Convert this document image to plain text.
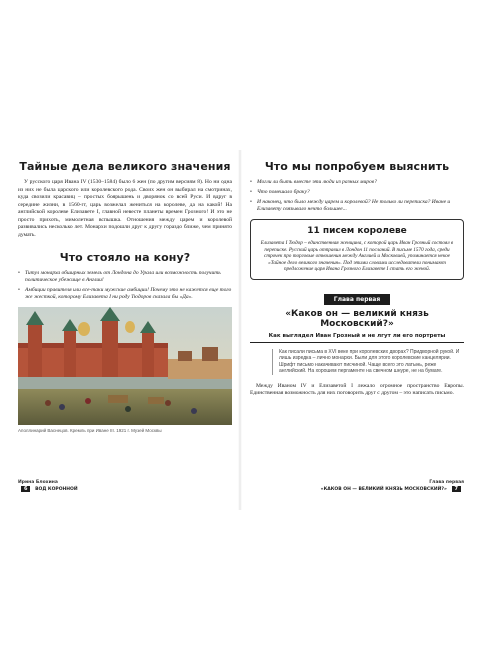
Тайные дела великого значения

У русского царя Ивана IV (1530–1584) было 6 жен (по другим версиям 8). Но ни одна из них не была царского или королевского рода. Своих жен он выбирал на смотринах, куда свозили красавиц – простых боярышень и дворянок со всей Руси. И вдруг в середине жизни, в 1560-гг, царь возжелал жениться на королеве, да на какой! На английской королеве Елизавете I, главной невесте планеты времен Грозного! И это не просто прихоть, мимолетная вспышка. Отношения между царем и королевой развивались несколько лет. Монархи подошли друг к другу гораздо ближе, чем принято думать.

Что стояло на кону?
• Титул монарха обширных земель от Лондона до Урала или возможность получить политическое убежище в Англии!
• Амбиции правителя или все-таки мужские амбиции! Почему это не кажется еще того же жесткой, которому Елизавета I ни роду Тюдоров сказала бы «Да».
Аполлинарий Васнецов. Кремль при Иване III. 1921 г. Музей Москвы
Что мы попробуем выяснить
• Могли ли быть вместе эти люди из разных миров?
• Что помешало браку?
• И наконец, что было между царем и королевой? Не только ли переписка? Иване и Елизавету связывало нечто большее...
11 писем королеве

Елизавета I Тюдор – единственная женщина, с которой царь Иван Грозный состоял в переписке. Русский царь отправил в Лондон 11 посланий. В письме 1570 года, среди строчек про торговые отношения между Англией и Московией, упоминается некое «Тайное дело великого значения». Под этими словами исследователи понимают предложение царя Ивана Грозного Елизавете I стать его женой.

Глава первая
«Каков он — великий князь Московский?»
Как выглядел Иван Грозный и не лгут ли его портреты
Как писали письма в XVI веке при королевских дворах? Придворной рукой. И лишь изредка – лично монархи. Были для этого королевские канцелярии. Шрифт письмо накачивают писчиной. Чаще всего это латынь, реже английский. На хорошем пергаменте на свечном шнуре, не на бумаге.

Между Иваном IV и Елизаветой I лежало огромное пространство Европы. Единственная возможность для них поговорить друг с другом – это написать письмо.

Ирина Блохина
6 ВОД КОРОННОЙ
Глава первая
«КАКОВ ОН — ВЕЛИКИЙ КНЯЗЬ МОСКОВСКИЙ?» 7
